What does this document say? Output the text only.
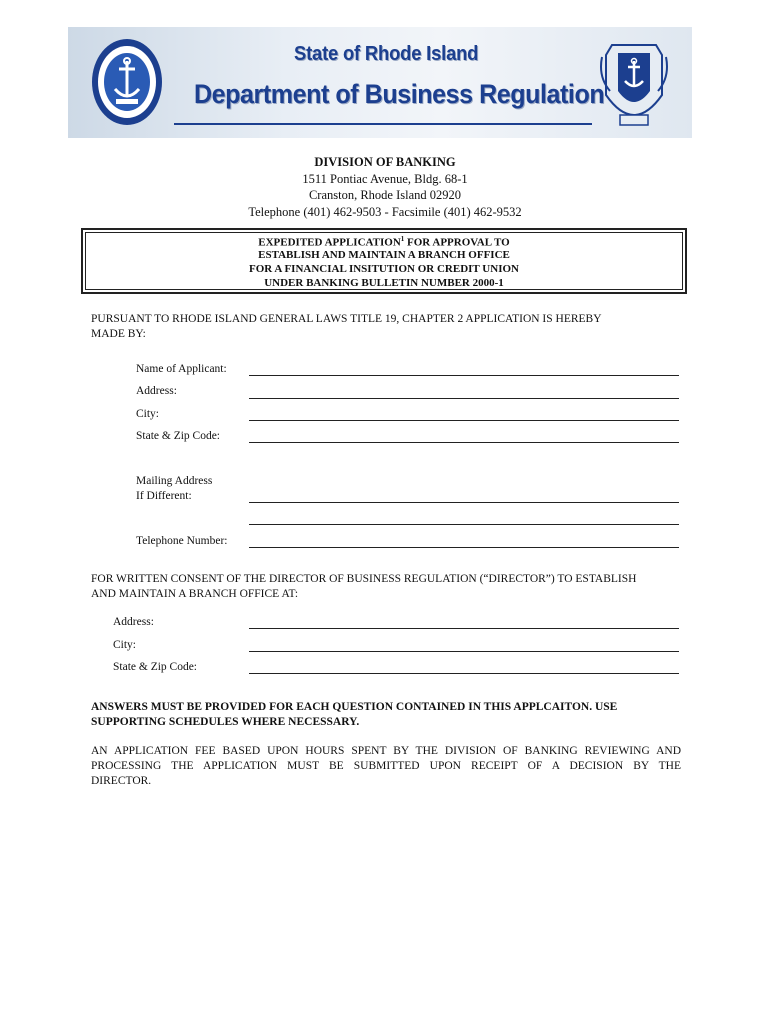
State of Rhode Island
Department of Business Regulation
DIVISION OF BANKING
1511 Pontiac Avenue, Bldg. 68-1
Cranston, Rhode Island 02920
Telephone (401) 462-9503 - Facsimile (401) 462-9532
EXPEDITED APPLICATION$^1$ FOR APPROVAL TO
ESTABLISH AND MAINTAIN A BRANCH OFFICE
FOR A FINANCIAL INSITUTION OR CREDIT UNION
UNDER BANKING BULLETIN NUMBER 2000-1
PURSUANT TO RHODE ISLAND GENERAL LAWS TITLE 19, CHAPTER 2 APPLICATION IS HEREBY
MADE BY:
Name of Applicant:
Address:
City:
State & Zip Code:
Mailing Address
If Different:
Telephone Number:
FOR WRITTEN CONSENT OF THE DIRECTOR OF BUSINESS REGULATION (“DIRECTOR”) TO ESTABLISH
AND MAINTAIN A BRANCH OFFICE AT:
Address:
City:
State & Zip Code:
ANSWERS MUST BE PROVIDED FOR EACH QUESTION CONTAINED IN THIS APPLCAITON. USE
SUPPORTING SCHEDULES WHERE NECESSARY.
AN APPLICATION FEE BASED UPON HOURS SPENT BY THE DIVISION OF BANKING REVIEWING AND
PROCESSING THE APPLICATION MUST BE SUBMITTED UPON RECEIPT OF A DECISION BY THE
DIRECTOR.
